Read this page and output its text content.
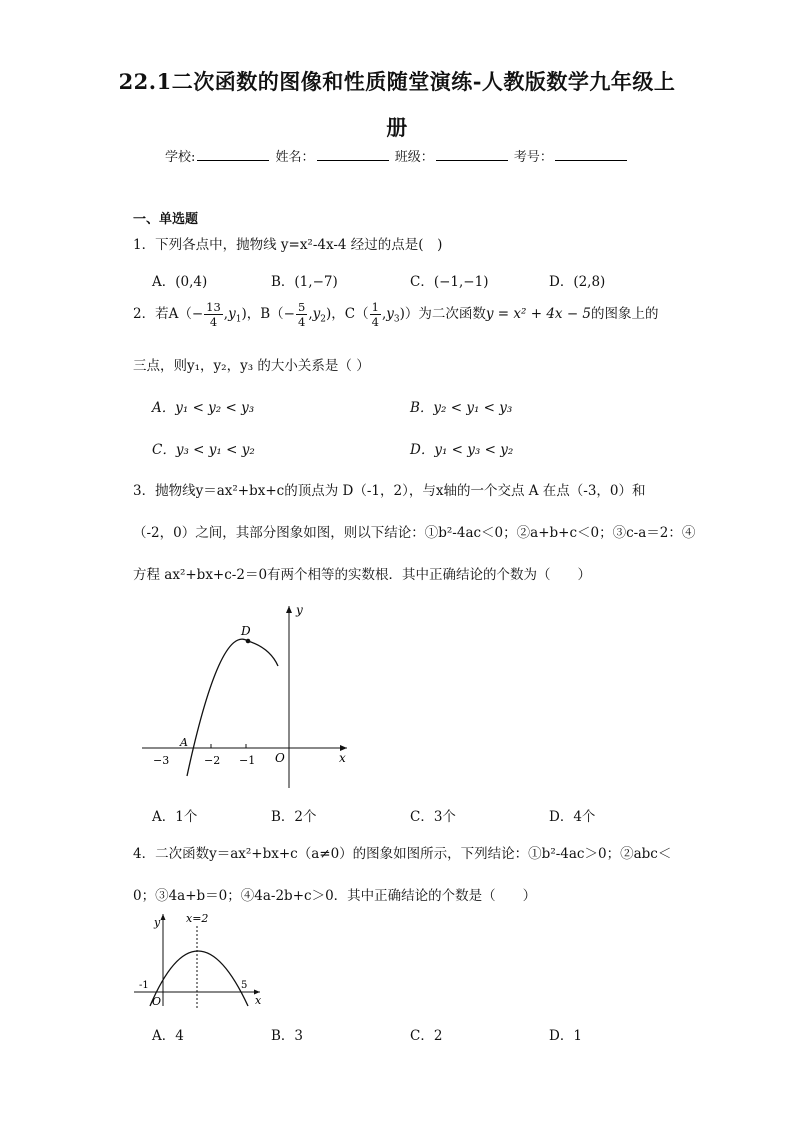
22.1二次函数的图像和性质随堂演练-人教版数学九年级上
册
学校:	姓名：	班级：	考号：
一、单选题
1．下列各点中，抛物线 y=x²-4x-4 经过的点是(　)
A．(0,4)	B．(1,−7)	C．(−1,−1)	D．(2,8)
2．若$A(- \frac{13}{4} ,y_1)$，$B(- \frac{5}{4} ,y_2)$，$C( \frac{1}{4} ,y_3)$）为二次函数y = x² + 4x − 5的图象上的
三点，则y₁，y₂，y₃ 的大小关系是（ ）
A．y₁ < y₂ < y₃	B．y₂ < y₁ < y₃
C．y₃ < y₁ < y₂	D．y₁ < y₃ < y₂
3．抛物线y＝ax²+bx+c的顶点为 D（-1，2），与x轴的一个交点 A 在点（-3，0）和
（-2，0）之间，其部分图象如图，则以下结论：①b²-4ac＜0；②a+b+c＜0；③c-a＝2：④
方程 ax²+bx+c-2＝0有两个相等的实数根．其中正确结论的个数为（　　）
D
A
y
x
O
−3	−2 −1
A．1个	B．2个	C．3个	D．4个
4．二次函数y＝ax²+bx+c（a≠0）的图象如图所示，下列结论：①b²-4ac＞0；②abc＜
0；③4a+b＝0；④4a-2b+c＞0．其中正确结论的个数是（　　）
y x=2
-1	5
O	x
A．4	B．3	C．2	D．1
